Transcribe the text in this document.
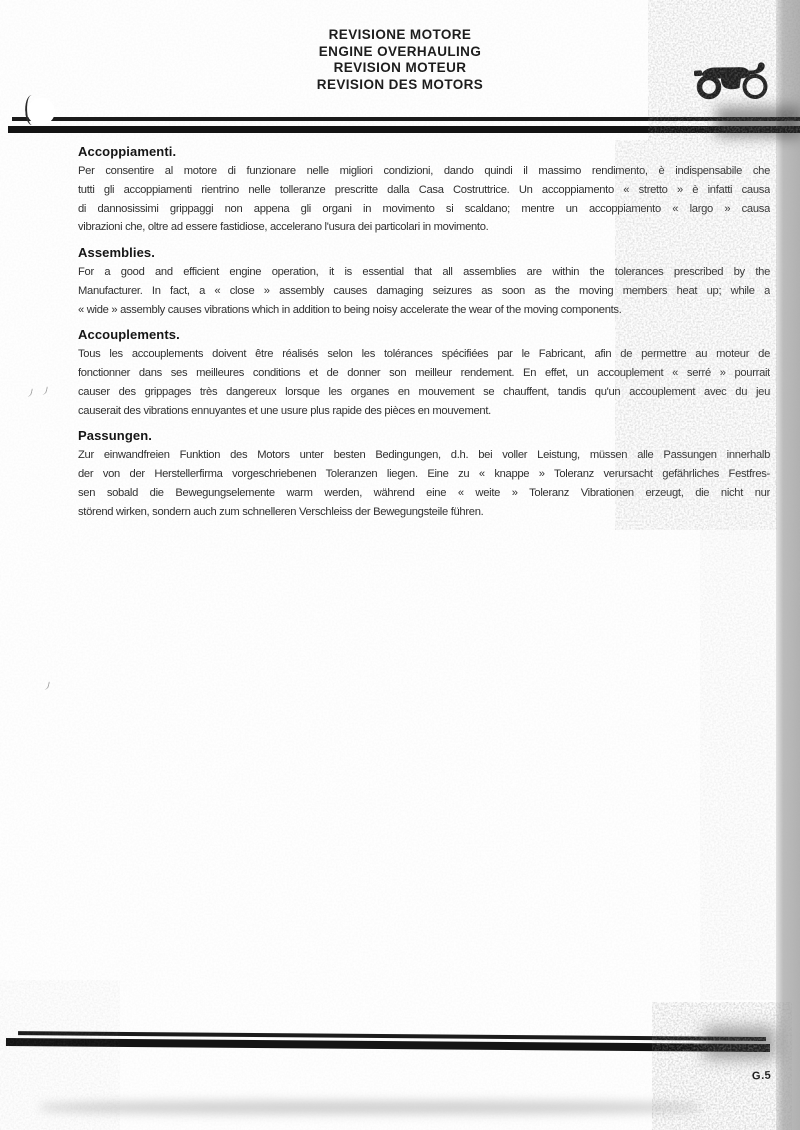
REVISIONE MOTORE
ENGINE OVERHAULING
REVISION MOTEUR
REVISION DES MOTORS
Accoppiamenti.
Per consentire al motore di funzionare nelle migliori condizioni, dando quindi il massimo rendimento, è indispensabile che
tutti gli accoppiamenti rientrino nelle tolleranze prescritte dalla Casa Costruttrice. Un accoppiamento « stretto » è infatti causa
di dannosissimi grippaggi non appena gli organi in movimento si scaldano; mentre un accoppiamento « largo » causa
vibrazioni che, oltre ad essere fastidiose, accelerano l'usura dei particolari in movimento.
Assemblies.
For a good and efficient engine operation, it is essential that all assemblies are within the tolerances prescribed by the
Manufacturer. In fact, a « close » assembly causes damaging seizures as soon as the moving members heat up; while a
« wide » assembly causes vibrations which in addition to being noisy accelerate the wear of the moving components.
Accouplements.
Tous les accouplements doivent être réalisés selon les tolérances spécifiées par le Fabricant, afin de permettre au moteur de
fonctionner dans ses meilleures conditions et de donner son meilleur rendement. En effet, un accouplement « serré » pourrait
causer des grippages très dangereux lorsque les organes en mouvement se chauffent, tandis qu'un accouplement avec du jeu
causerait des vibrations ennuyantes et une usure plus rapide des pièces en mouvement.
Passungen.
Zur einwandfreien Funktion des Motors unter besten Bedingungen, d.h. bei voller Leistung, müssen alle Passungen innerhalb
der von der Herstellerfirma vorgeschriebenen Toleranzen liegen. Eine zu « knappe » Toleranz verursacht gefährliches Festfres-
sen sobald die Bewegungselemente warm werden, während eine « weite » Toleranz Vibrationen erzeugt, die nicht nur
störend wirken, sondern auch zum schnelleren Verschleiss der Bewegungsteile führen.
G.5
